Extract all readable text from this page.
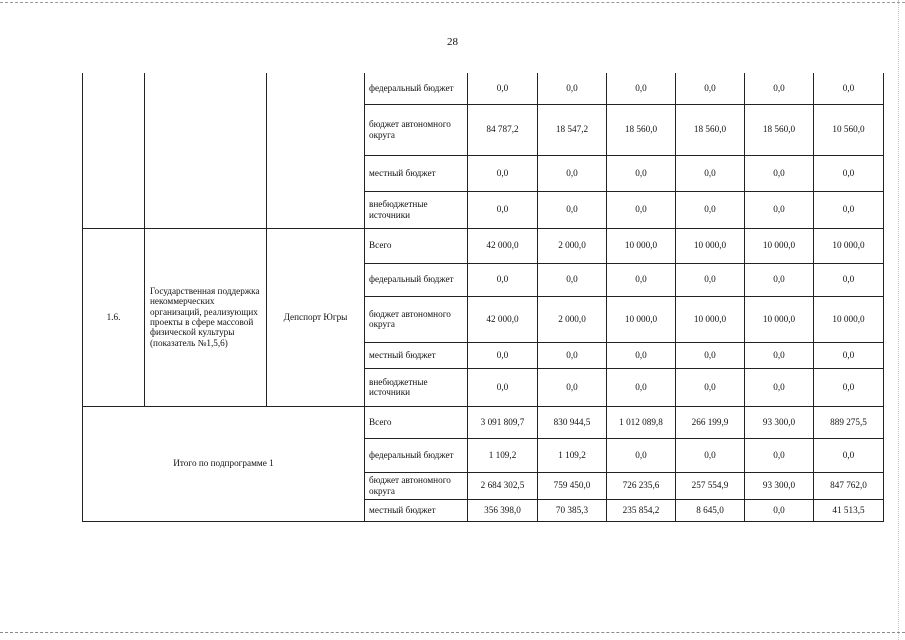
28
			федеральный бюджет	0,0	0,0	0,0	0,0	0,0	0,0
			бюджет автономного округа	84 787,2	18 547,2	18 560,0	18 560,0	18 560,0	10 560,0
			местный бюджет	0,0	0,0	0,0	0,0	0,0	0,0
			внебюджетные источники	0,0	0,0	0,0	0,0	0,0	0,0
1.6.	Государственная поддержка некоммерческих организаций, реализующих проекты в сфере массовой физической культуры (показатель №1,5,6)	Депспорт Югры	Всего	42 000,0	2 000,0	10 000,0	10 000,0	10 000,0	10 000,0
			федеральный бюджет	0,0	0,0	0,0	0,0	0,0	0,0
			бюджет автономного округа	42 000,0	2 000,0	10 000,0	10 000,0	10 000,0	10 000,0
			местный бюджет	0,0	0,0	0,0	0,0	0,0	0,0
			внебюджетные источники	0,0	0,0	0,0	0,0	0,0	0,0
Итого по подпрограмме 1			Всего	3 091 809,7	830 944,5	1 012 089,8	266 199,9	93 300,0	889 275,5
			федеральный бюджет	1 109,2	1 109,2	0,0	0,0	0,0	0,0
			бюджет автономного округа	2 684 302,5	759 450,0	726 235,6	257 554,9	93 300,0	847 762,0
			местный бюджет	356 398,0	70 385,3	235 854,2	8 645,0	0,0	41 513,5
